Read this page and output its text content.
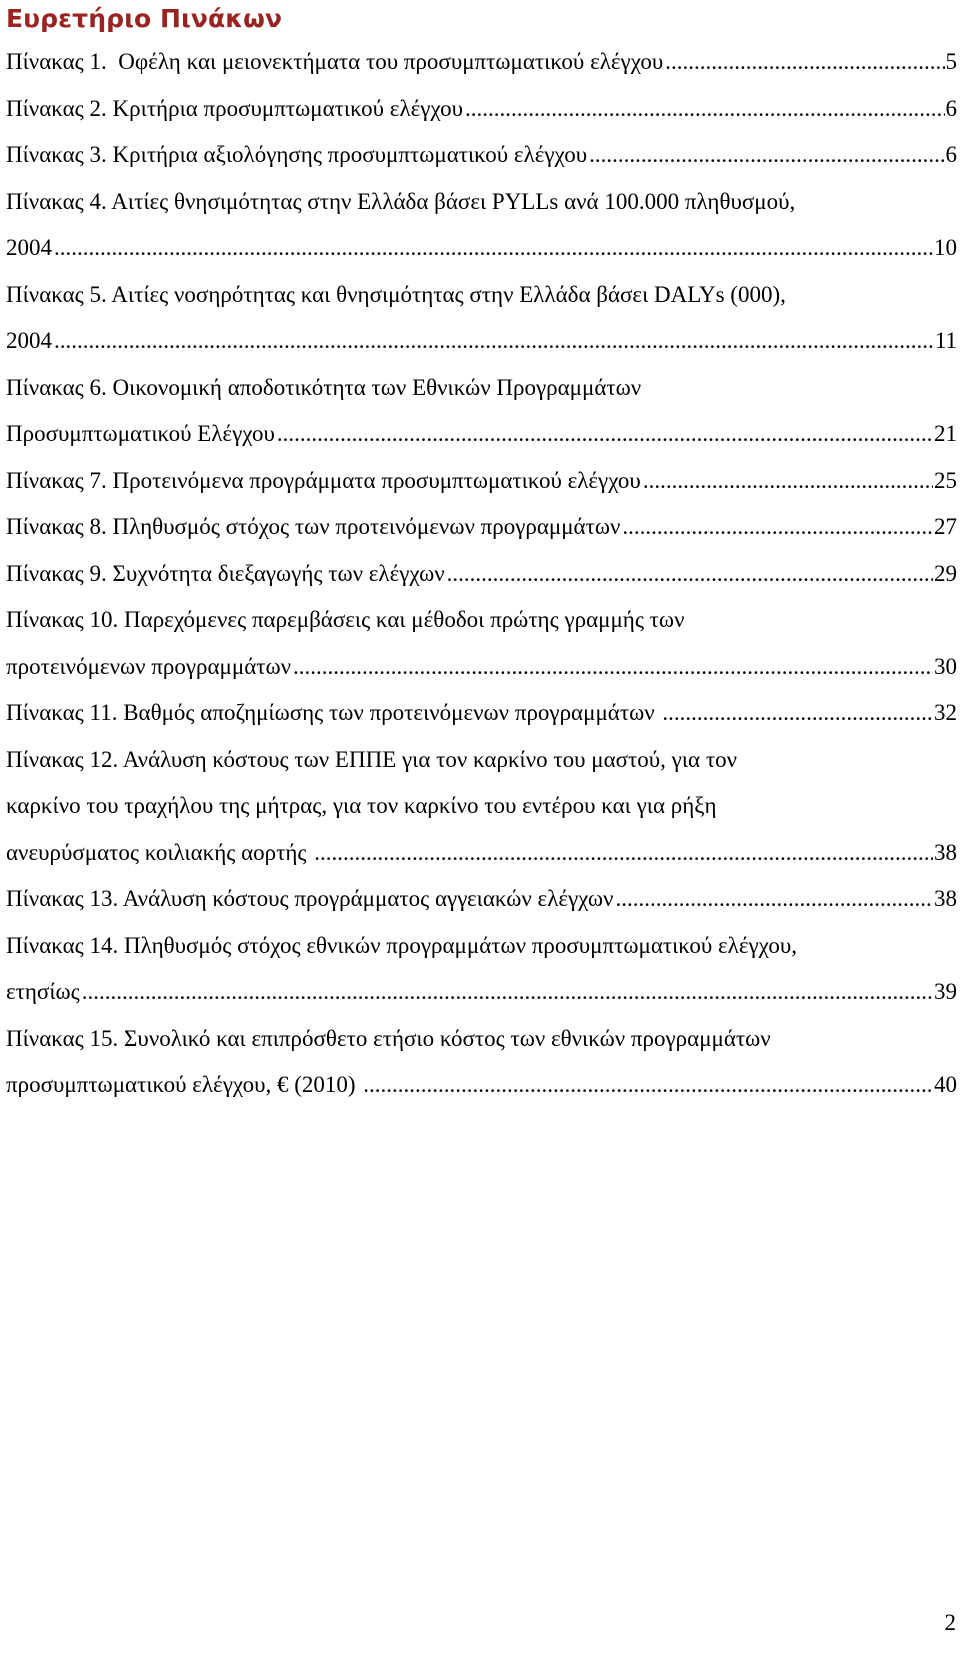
Ευρετήριο Πινάκων
Πίνακας 1.  Οφέλη και μειονεκτήματα του προσυμπτωματικού ελέγχου .....	5
Πίνακας 2. Κριτήρια προσυμπτωματικού ελέγχου .....	6
Πίνακας 3. Κριτήρια αξιολόγησης προσυμπτωματικού ελέγχου .....	6
Πίνακας 4. Αιτίες θνησιμότητας στην Ελλάδα βάσει PYLLs ανά 100.000 πληθυσμού,
2004 .....	10
Πίνακας 5. Αιτίες νοσηρότητας και θνησιμότητας στην Ελλάδα βάσει DALYs (000),
2004 .....	11
Πίνακας 6. Οικονομική αποδοτικότητα των Εθνικών Προγραμμάτων
Προσυμπτωματικού Ελέγχου .....	21
Πίνακας 7. Προτεινόμενα προγράμματα προσυμπτωματικού ελέγχου .....	25
Πίνακας 8. Πληθυσμός στόχος των προτεινόμενων προγραμμάτων .....	27
Πίνακας 9. Συχνότητα διεξαγωγής των ελέγχων .....	29
Πίνακας 10. Παρεχόμενες παρεμβάσεις και μέθοδοι πρώτης γραμμής των
προτεινόμενων προγραμμάτων .....	30
Πίνακας 11. Βαθμός αποζημίωσης των προτεινόμενων προγραμμάτων .....	32
Πίνακας 12. Ανάλυση κόστους των ΕΠΠΕ για τον καρκίνο του μαστού, για τον
καρκίνο του τραχήλου της μήτρας, για τον καρκίνο του εντέρου και για ρήξη
ανευρύσματος κοιλιακής αορτής .....	38
Πίνακας 13. Ανάλυση κόστους προγράμματος αγγειακών ελέγχων .....	38
Πίνακας 14. Πληθυσμός στόχος εθνικών προγραμμάτων προσυμπτωματικού ελέγχου,
ετησίως .....	39
Πίνακας 15. Συνολικό και επιπρόσθετο ετήσιο κόστος των εθνικών προγραμμάτων
προσυμπτωματικού ελέγχου, € (2010) .....	40

2
